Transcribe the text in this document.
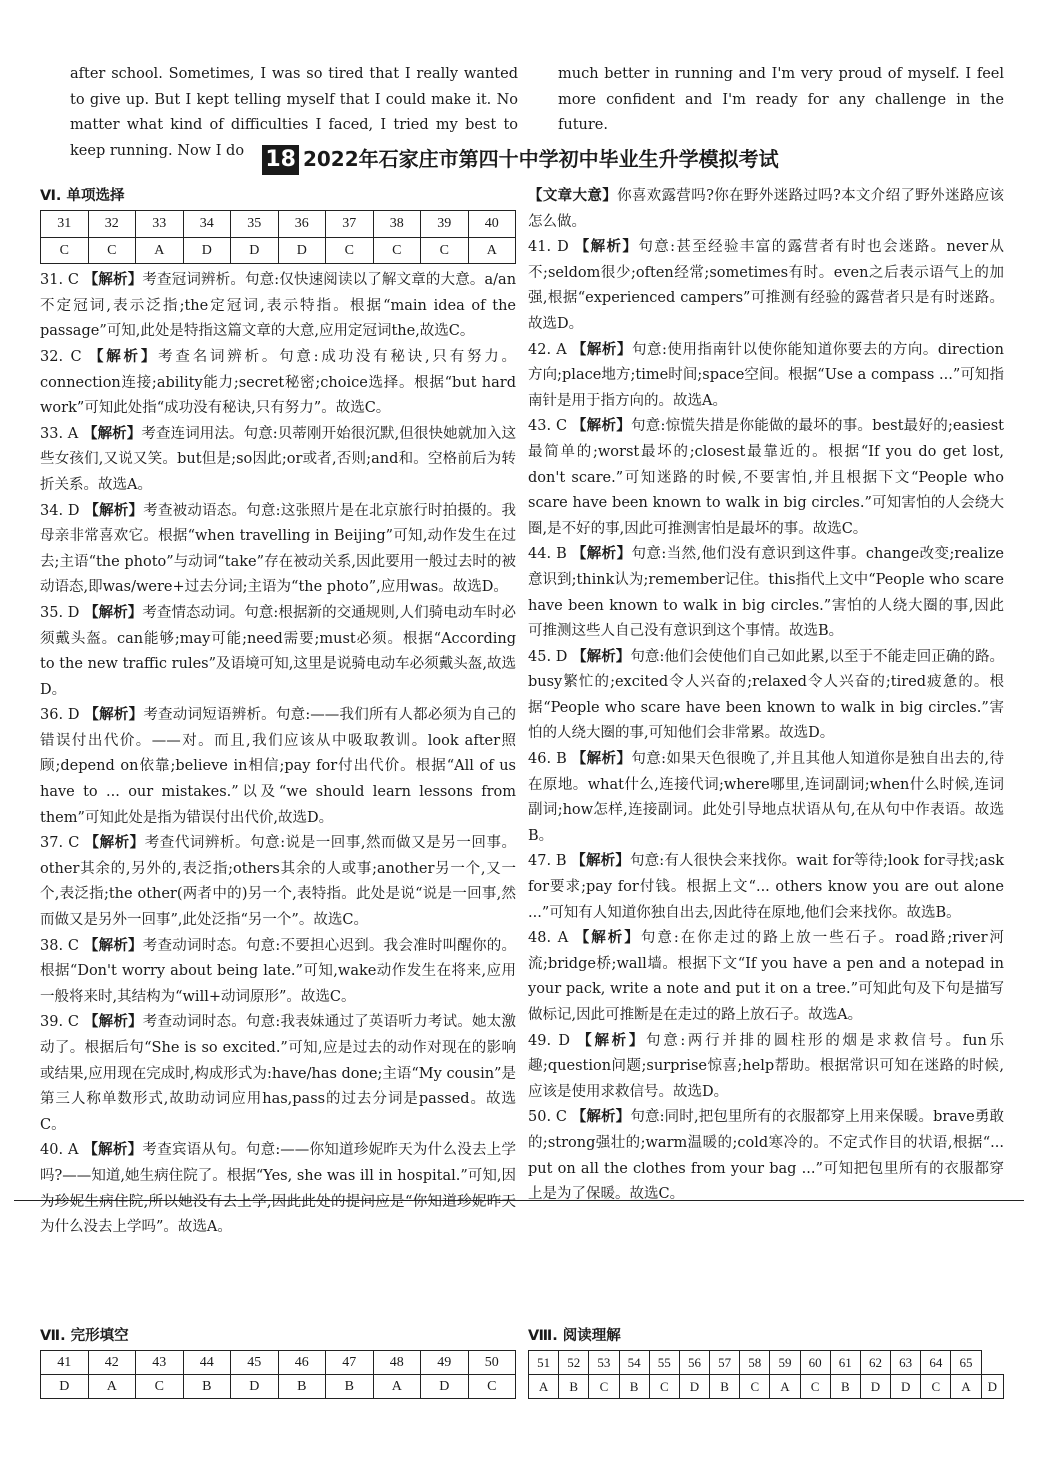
after school. Sometimes, I was so tired that I really wanted to give up. But I kept telling myself that I could make it. No matter what kind of difficulties I faced, I tried my best to keep running. Now I do

much better in running and I'm very proud of myself. I feel more confident and I'm ready for any challenge in the future.

18 2022年石家庄市第四十中学初中毕业生升学模拟考试
Ⅵ. 单项选择
31	32	33	34	35	36	37	38	39	40
C	C	A	D	D	D	C	C	C	A

31. C 【解析】考查冠词辨析。句意:仅快速阅读以了解文章的大意。a/an不定冠词,表示泛指;the定冠词,表示特指。根据“main idea of the passage”可知,此处是特指这篇文章的大意,应用定冠词the,故选C。

32. C 【解析】考查名词辨析。句意:成功没有秘诀,只有努力。connection连接;ability能力;secret秘密;choice选择。根据“but hard work”可知此处指“成功没有秘诀,只有努力”。故选C。

33. A 【解析】考查连词用法。句意:贝蒂刚开始很沉默,但很快她就加入这些女孩们,又说又笑。but但是;so因此;or或者,否则;and和。空格前后为转折关系。故选A。

34. D 【解析】考查被动语态。句意:这张照片是在北京旅行时拍摄的。我母亲非常喜欢它。根据“when travelling in Beijing”可知,动作发生在过去;主语“the photo”与动词“take”存在被动关系,因此要用一般过去时的被动语态,即was/were+过去分词;主语为“the photo”,应用was。故选D。

35. D 【解析】考查情态动词。句意:根据新的交通规则,人们骑电动车时必须戴头盔。can能够;may可能;need需要;must必须。根据“According to the new traffic rules”及语境可知,这里是说骑电动车必须戴头盔,故选D。

36. D 【解析】考查动词短语辨析。句意:——我们所有人都必须为自己的错误付出代价。——对。而且,我们应该从中吸取教训。look after照顾;depend on依靠;believe in相信;pay for付出代价。根据“All of us have to ... our mistakes.”以及“we should learn lessons from them”可知此处是指为错误付出代价,故选D。

37. C 【解析】考查代词辨析。句意:说是一回事,然而做又是另一回事。other其余的,另外的,表泛指;others其余的人或事;another另一个,又一个,表泛指;the other(两者中的)另一个,表特指。此处是说“说是一回事,然而做又是另外一回事”,此处泛指“另一个”。故选C。

38. C 【解析】考查动词时态。句意:不要担心迟到。我会准时叫醒你的。根据“Don't worry about being late.”可知,wake动作发生在将来,应用一般将来时,其结构为“will+动词原形”。故选C。

39. C 【解析】考查动词时态。句意:我表妹通过了英语听力考试。她太激动了。根据后句“She is so excited.”可知,应是过去的动作对现在的影响或结果,应用现在完成时,构成形式为:have/has done;主语“My cousin”是第三人称单数形式,故助动词应用has,pass的过去分词是passed。故选C。

40. A 【解析】考查宾语从句。句意:——你知道珍妮昨天为什么没去上学吗?——知道,她生病住院了。根据“Yes, she was ill in hospital.”可知,因为珍妮生病住院,所以她没有去上学,因此此处的提问应是“你知道珍妮昨天为什么没去上学吗”。故选A。

【文章大意】你喜欢露营吗?你在野外迷路过吗?本文介绍了野外迷路应该怎么做。

41. D 【解析】句意:甚至经验丰富的露营者有时也会迷路。never从不;seldom很少;often经常;sometimes有时。even之后表示语气上的加强,根据“experienced campers”可推测有经验的露营者只是有时迷路。故选D。

42. A 【解析】句意:使用指南针以使你能知道你要去的方向。direction方向;place地方;time时间;space空间。根据“Use a compass ...”可知指南针是用于指方向的。故选A。

43. C 【解析】句意:惊慌失措是你能做的最坏的事。best最好的;easiest最简单的;worst最坏的;closest最靠近的。根据“If you do get lost, don't scare.”可知迷路的时候,不要害怕,并且根据下文“People who scare have been known to walk in big circles.”可知害怕的人会绕大圈,是不好的事,因此可推测害怕是最坏的事。故选C。

44. B 【解析】句意:当然,他们没有意识到这件事。change改变;realize意识到;think认为;remember记住。this指代上文中“People who scare have been known to walk in big circles.”害怕的人绕大圈的事,因此可推测这些人自己没有意识到这个事情。故选B。

45. D 【解析】句意:他们会使他们自己如此累,以至于不能走回正确的路。busy繁忙的;excited令人兴奋的;relaxed令人兴奋的;tired疲惫的。根据“People who scare have been known to walk in big circles.”害怕的人绕大圈的事,可知他们会非常累。故选D。

46. B 【解析】句意:如果天色很晚了,并且其他人知道你是独自出去的,待在原地。what什么,连接代词;where哪里,连词副词;when什么时候,连词副词;how怎样,连接副词。此处引导地点状语从句,在从句中作表语。故选B。

47. B 【解析】句意:有人很快会来找你。wait for等待;look for寻找;ask for要求;pay for付钱。根据上文“... others know you are out alone ...”可知有人知道你独自出去,因此待在原地,他们会来找你。故选B。

48. A 【解析】句意:在你走过的路上放一些石子。road路;river河流;bridge桥;wall墙。根据下文“If you have a pen and a notepad in your pack, write a note and put it on a tree.”可知此句及下句是描写做标记,因此可推断是在走过的路上放石子。故选A。

49. D 【解析】句意:两行并排的圆柱形的烟是求救信号。fun乐趣;question问题;surprise惊喜;help帮助。根据常识可知在迷路的时候,应该是使用求救信号。故选D。

50. C 【解析】句意:同时,把包里所有的衣服都穿上用来保暖。brave勇敢的;strong强壮的;warm温暖的;cold寒冷的。不定式作目的状语,根据“... put on all the clothes from your bag ...”可知把包里所有的衣服都穿上是为了保暖。故选C。

Ⅶ. 完形填空
41	42	43	44	45	46	47	48	49	50
D	A	C	B	D	B	B	A	D	C
Ⅷ. 阅读理解
51	52	53	54	55	56	57	58	59	60	61	62	63	64	65	
A	B	C	B	C	D	B	C	A	C	B	D	D	C	A	D
